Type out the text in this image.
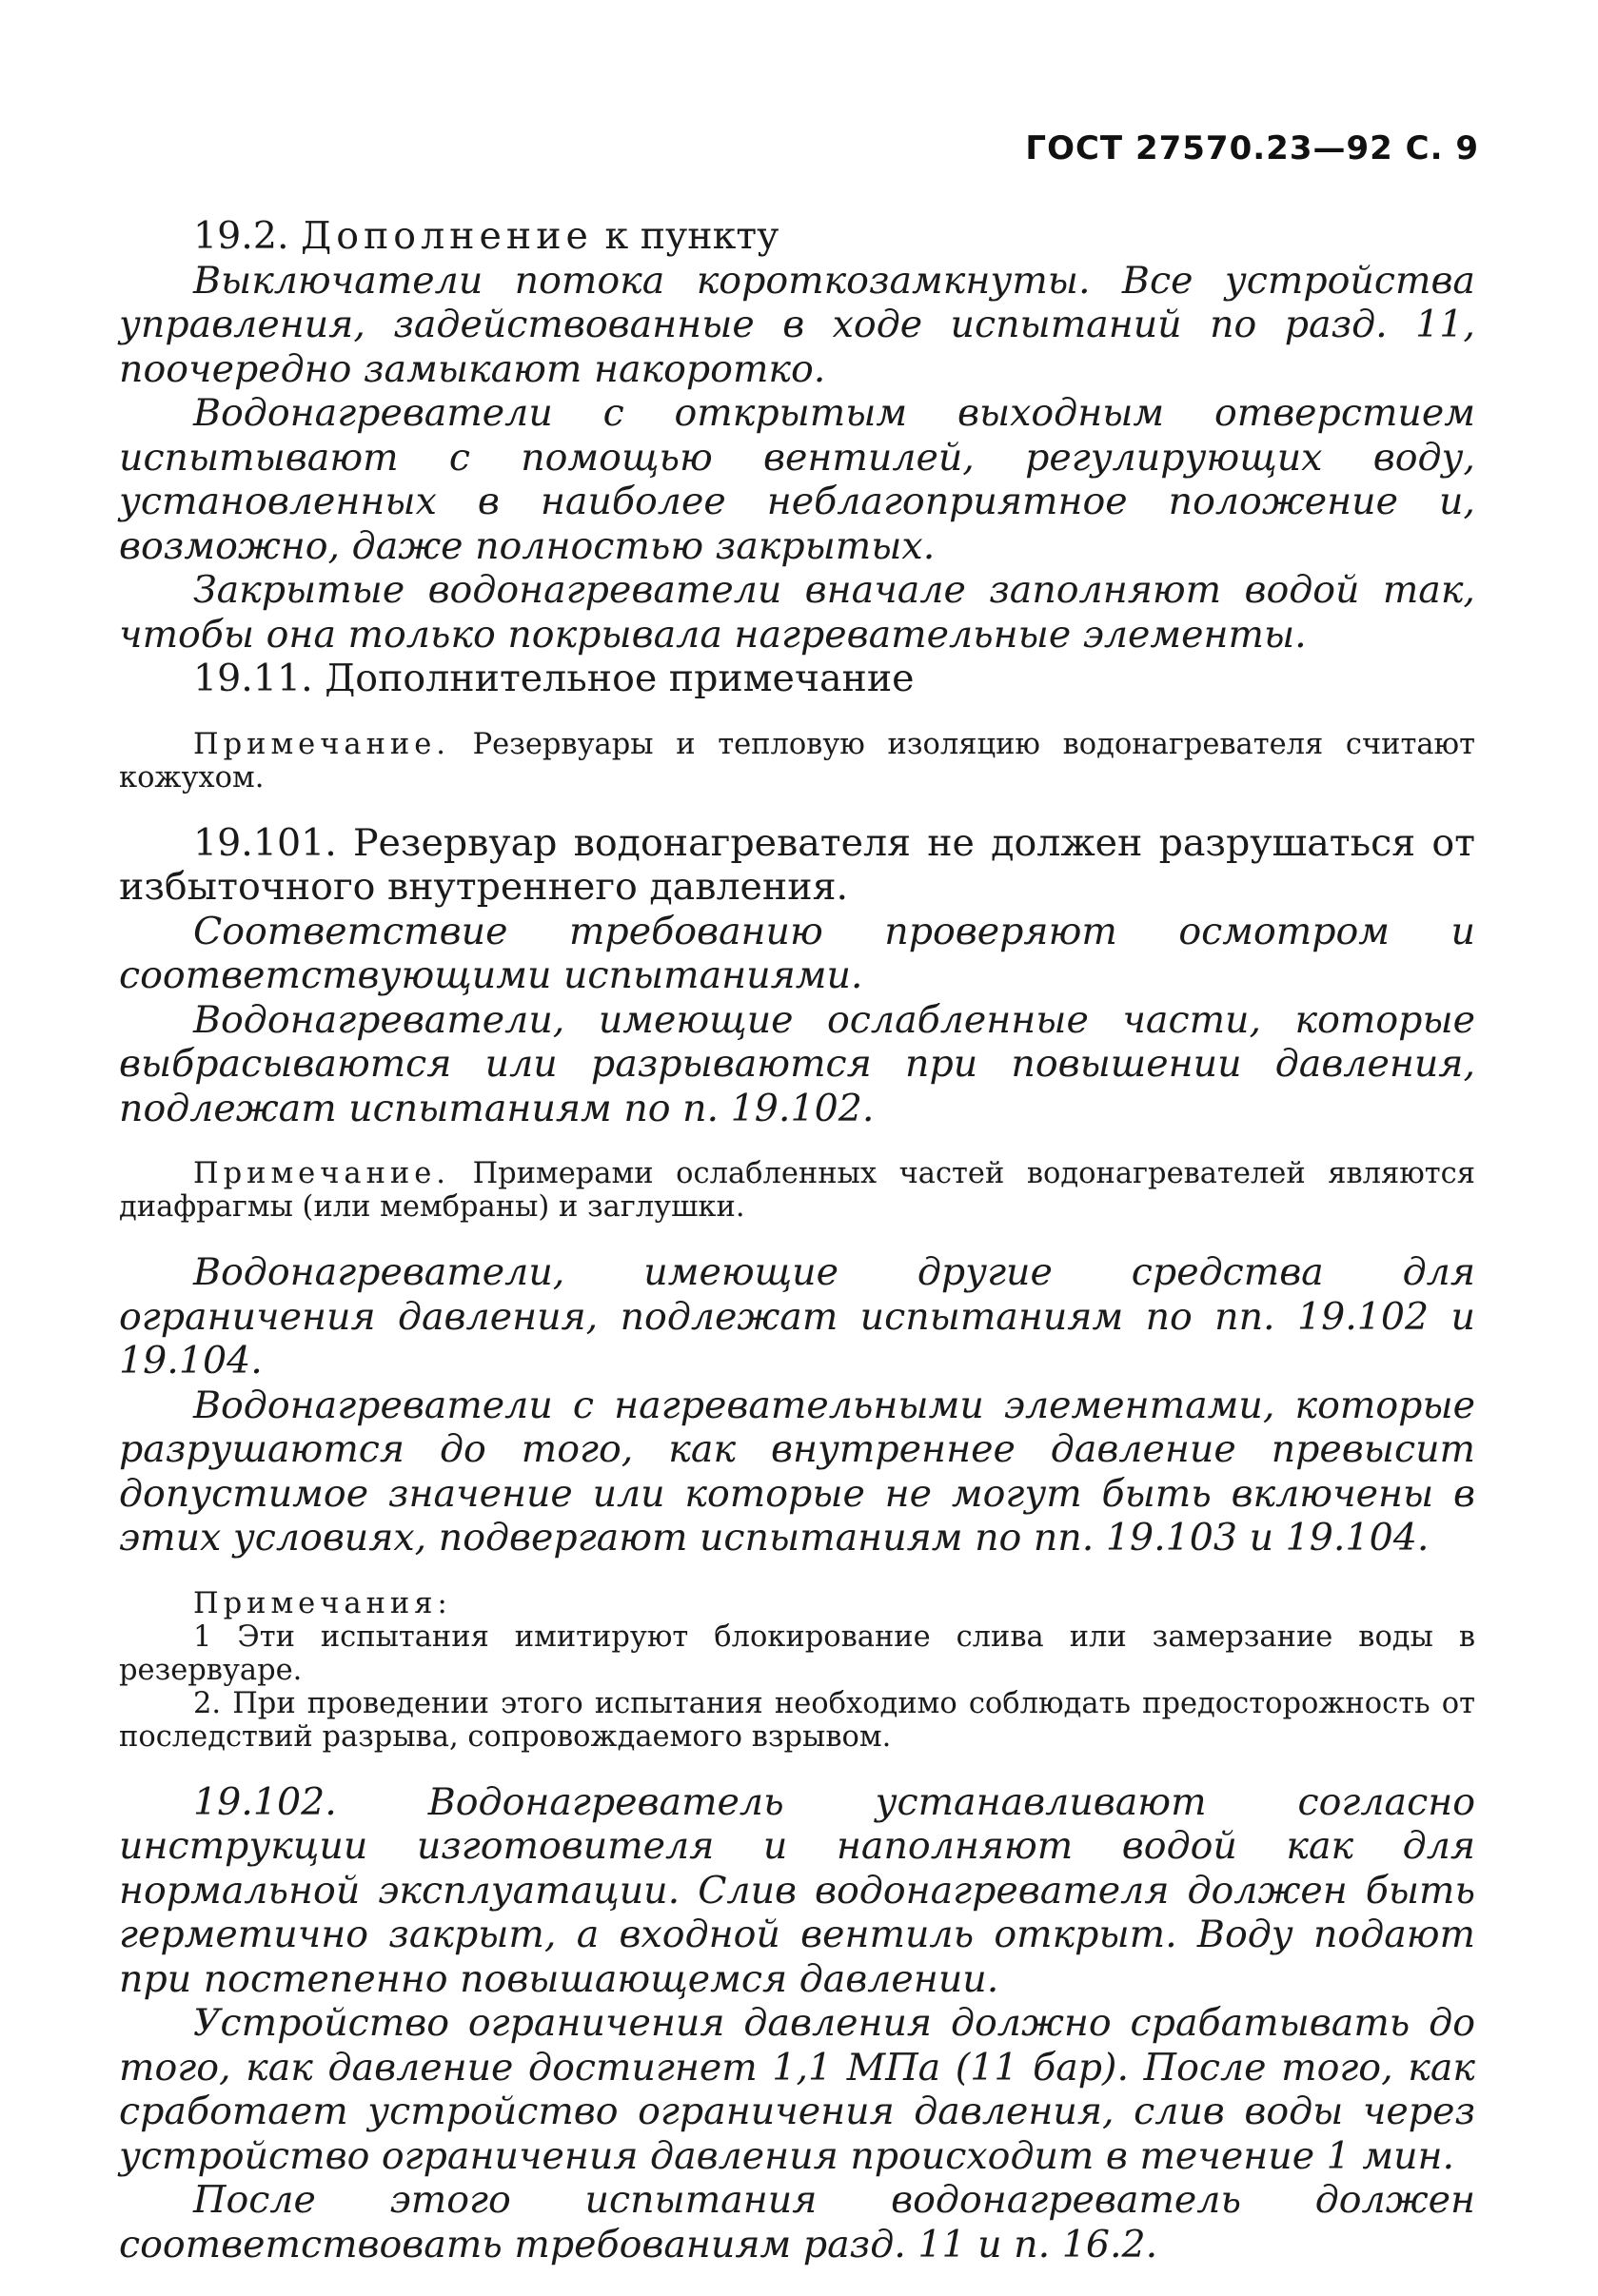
ГОСТ 27570.23—92 С. 9

19.2. Дополнение к пункту

Выключатели потока короткозамкнуты. Все устройства управления, задействованные в ходе испытаний по разд. 11, поочередно замыкают накоротко.

Водонагреватели с открытым выходным отверстием испытывают с помощью вентилей, регулирующих воду, установленных в наиболее неблагоприятное положение и, возможно, даже полностью закрытых.

Закрытые водонагреватели вначале заполняют водой так, чтобы она только покрывала нагревательные элементы.

19.11. Дополнительное примечание

Примечание. Резервуары и тепловую изоляцию водонагревателя считают кожухом.

19.101. Резервуар водонагревателя не должен разрушаться от избыточного внутреннего давления.

Соответствие требованию проверяют осмотром и соответствующими испытаниями.

Водонагреватели, имеющие ослабленные части, которые выбрасываются или разрываются при повышении давления, подлежат испытаниям по п. 19.102.

Примечание. Примерами ослабленных частей водонагревателей являются диафрагмы (или мембраны) и заглушки.

Водонагреватели, имеющие другие средства для ограничения давления, подлежат испытаниям по пп. 19.102 и 19.104.

Водонагреватели с нагревательными элементами, которые разрушаются до того, как внутреннее давление превысит допустимое значение или которые не могут быть включены в этих условиях, подвергают испытаниям по пп. 19.103 и 19.104.

Примечания:

1 Эти испытания имитируют блокирование слива или замерзание воды в резервуаре.

2. При проведении этого испытания необходимо соблюдать предосторожность от последствий разрыва, сопровождаемого взрывом.

19.102. Водонагреватель устанавливают согласно инструкции изготовителя и наполняют водой как для нормальной эксплуатации. Слив водонагревателя должен быть герметично закрыт, а входной вентиль открыт. Воду подают при постепенно повышающемся давлении.

Устройство ограничения давления должно срабатывать до того, как давление достигнет 1,1 МПа (11 бар). После того, как сработает устройство ограничения давления, слив воды через устройство ограничения давления происходит в течение 1 мин.

После этого испытания водонагреватель должен соответствовать требованиям разд. 11 и п. 16.2.
